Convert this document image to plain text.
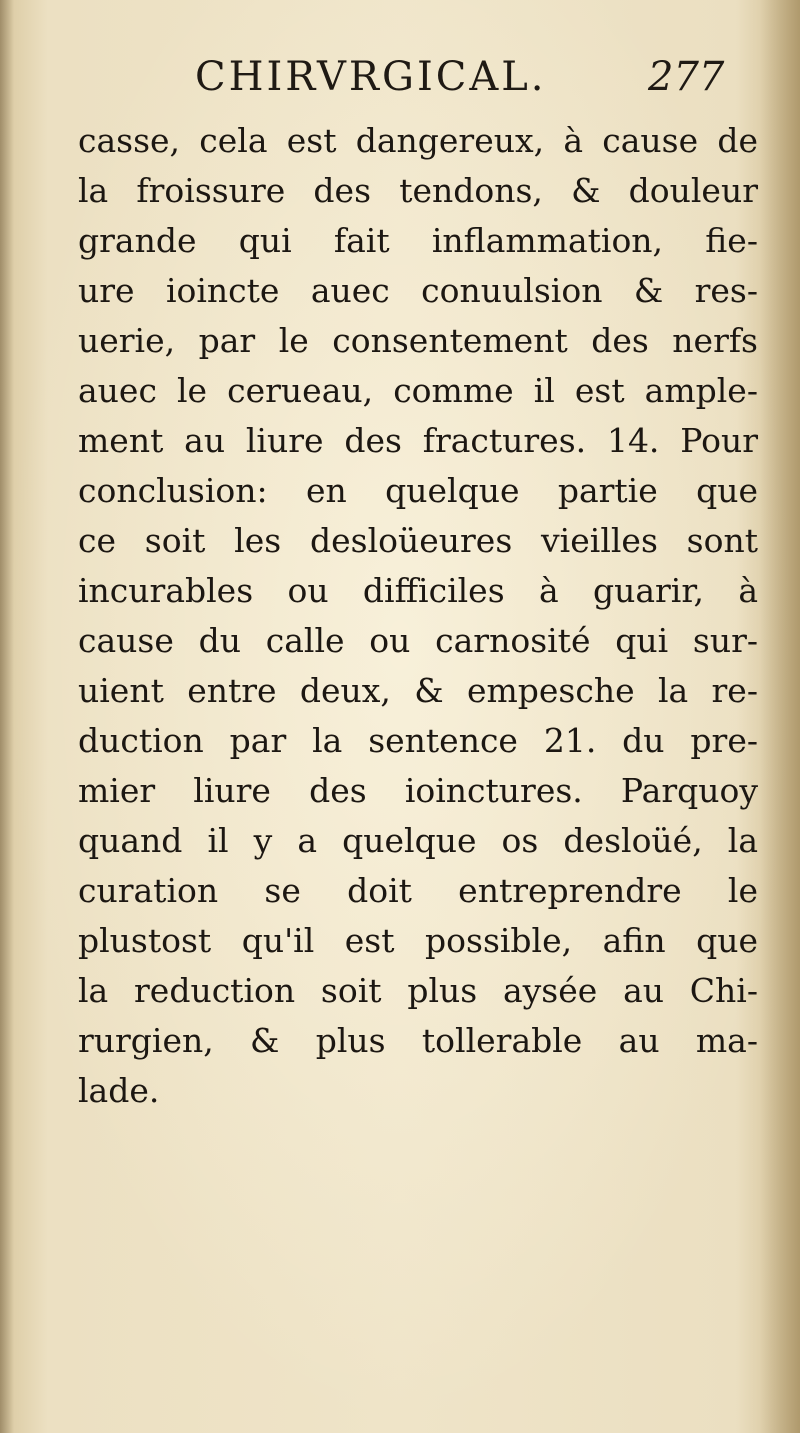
CHIRVRGICAL.	277
casse, cela est dangereux, à cause de
la froissure des tendons, & douleur
grande qui fait inflammation, fie-
ure ioincte auec conuulsion & res-
uerie, par le consentement des nerfs
auec le cerueau, comme il est ample-
ment au liure des fractures. 14. Pour
conclusion: en quelque partie que
ce soit les desloüeures vieilles sont
incurables ou difficiles à guarir, à
cause du calle ou carnosité qui sur-
uient entre deux, & empesche la re-
duction par la sentence 21. du pre-
mier liure des ioinctures. Parquoy
quand il y a quelque os desloüé, la
curation se doit entreprendre le
plustost qu'il est possible, afin que
la reduction soit plus aysée au Chi-
rurgien, & plus tollerable au ma-
lade.
